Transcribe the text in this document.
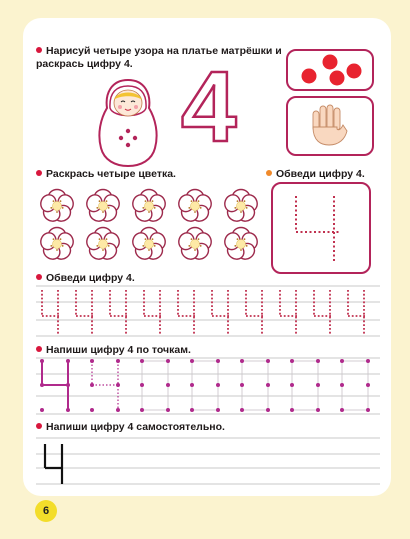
Нарисуй четыре узора на платье матрёшки и
раскрась цифру 4. 4
Раскрась четыре цветка.	Обведи цифру 4.
Обведи цифру 4.
Напиши цифру 4 по точкам.
Напиши цифру 4 самостоятельно.
6
